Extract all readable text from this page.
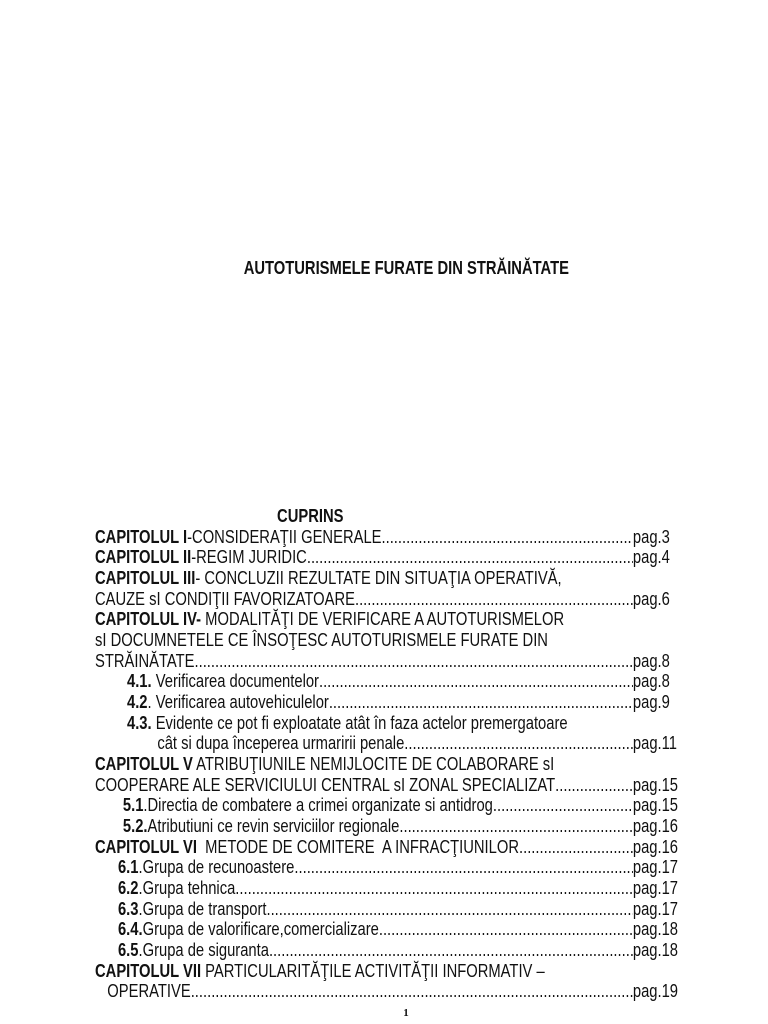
AUTOTURISMELE FURATE DIN STRĂINĂTATE
CUPRINS
CAPITOLUL I -CONSIDERAŢII GENERALE .....	pag.3
CAPITOLUL II -REGIM JURIDIC .....	pag.4
CAPITOLUL III - CONCLUZII REZULTATE DIN SITUAŢIA OPERATIVĂ,
CAUZE sI CONDIŢII FAVORIZATOARE .....	pag.6
CAPITOLUL IV- MODALITĂŢI DE VERIFICARE A AUTOTURISMELOR
sI DOCUMNETELE CE ÎNSOŢESC AUTOTURISMELE FURATE DIN
STRĂINĂTATE .....	pag.8
4.1. Verificarea documentelor .....	pag.8
4.2 . Verificarea autovehiculelor .....	pag.9
4.3. Evidente ce pot fi exploatate atât în faza actelor premergatoare
cât si dupa începerea urmaririi penale .....	pag.11
CAPITOLUL V ATRIBUŢIUNILE NEMIJLOCITE DE COLABORARE sI
COOPERARE ALE SERVICIULUI CENTRAL sI ZONAL SPECIALIZAT .....	pag.15
5.1 .Directia de combatere a crimei organizate si antidrog .....	pag.15
5.2. Atributiuni ce revin serviciilor regionale .....	pag.16
CAPITOLUL VI METODE DE COMITERE  A INFRACŢIUNILOR .....	pag.16
6.1 .Grupa de recunoastere .....	pag.17
6.2 .Grupa tehnica .....	pag.17
6.3 .Grupa de transport .....	pag.17
6.4. Grupa de valorificare,comercializare .....	pag.18
6.5 .Grupa de siguranta .....	pag.18
CAPITOLUL VII PARTICULARITĂŢILE ACTIVITĂŢII INFORMATIV –
OPERATIVE .....	pag.19
1
